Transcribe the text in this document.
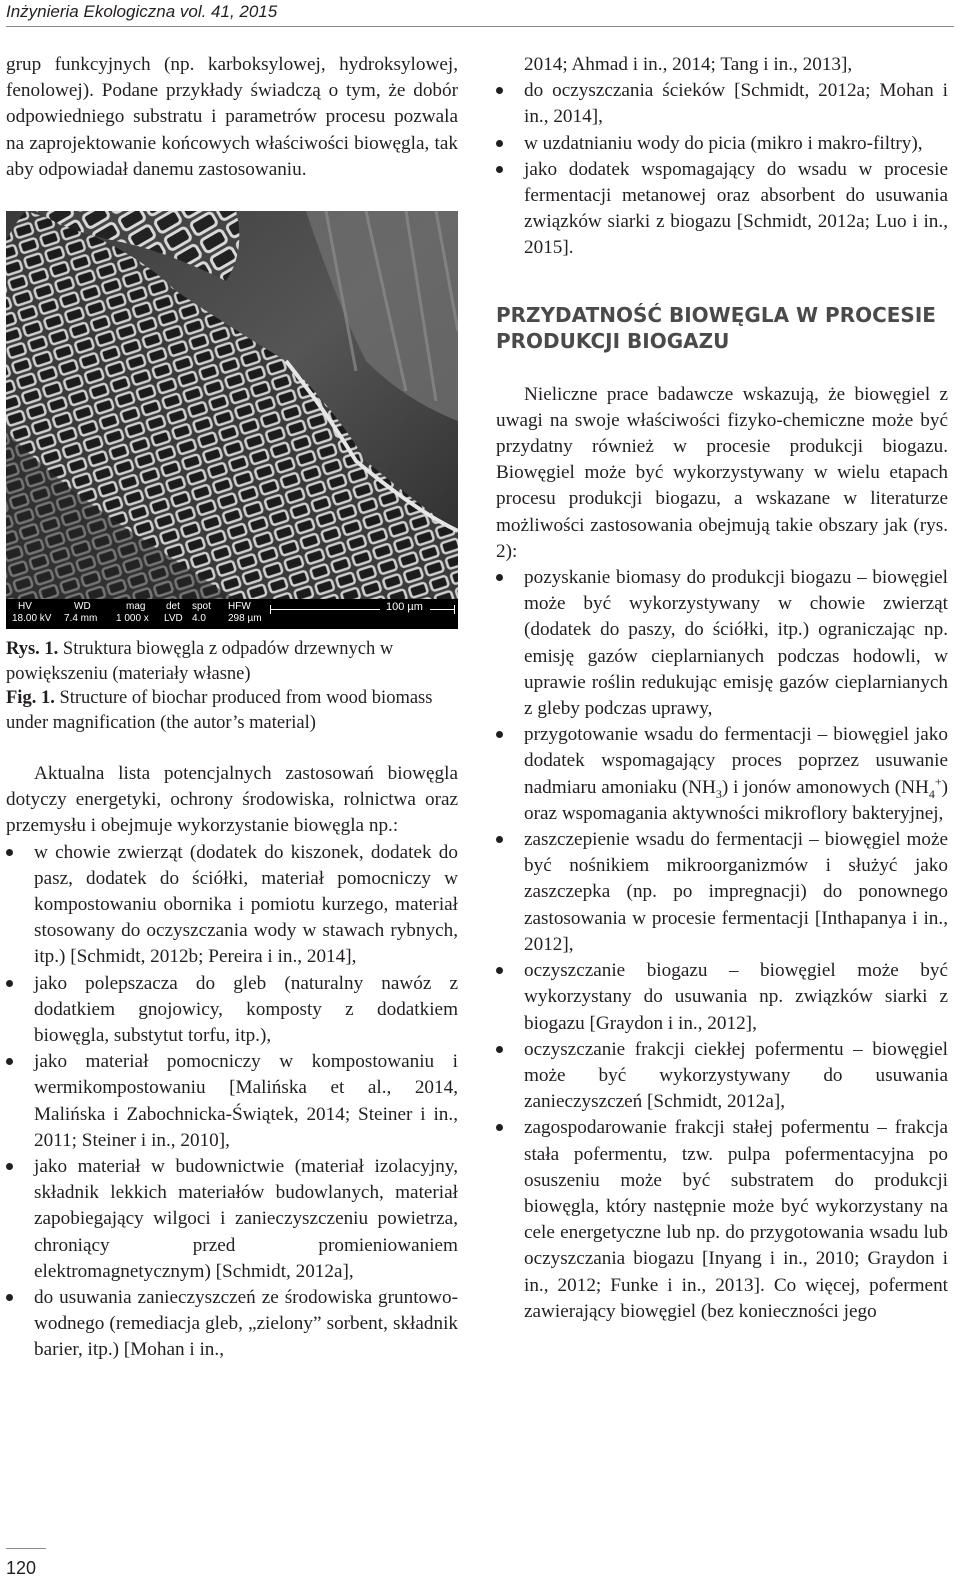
Inżynieria Ekologiczna vol. 41, 2015

grup funkcyjnych (np. karboksylowej, hydroksylowej, fenolowej). Podane przykłady świadczą o tym, że dobór odpowiedniego substratu i parametrów procesu pozwala na zaprojektowanie końcowych właściwości biowęgla, tak aby odpowiadał danemu zastosowaniu.

HV
18.00 kV
WD
7.4 mm
mag
1 000 x
det
LVD
spot
4.0
HFW
298 µm
100 µm
Rys. 1. Struktura biowęgla z odpadów drzewnych w powiększeniu (materiały własne)
Fig. 1. Structure of biochar produced from wood biomass under magnification (the autor’s material)

Aktualna lista potencjalnych zastosowań biowęgla dotyczy energetyki, ochrony środowiska, rolnictwa oraz przemysłu i obejmuje wykorzystanie biowęgla np.:

w chowie zwierząt (dodatek do kiszonek, dodatek do pasz, dodatek do ściółki, materiał pomocniczy w kompostowaniu obornika i pomiotu kurzego, materiał stosowany do oczyszczania wody w stawach rybnych, itp.) [Schmidt, 2012b; Pereira i in., 2014],
jako polepszacza do gleb (naturalny nawóz z dodatkiem gnojowicy, komposty z dodatkiem biowęgla, substytut torfu, itp.),
jako materiał pomocniczy w kompostowaniu i wermikompostowaniu [Malińska et al., 2014, Malińska i Zabochnicka-Świątek, 2014; Steiner i in., 2011; Steiner i in., 2010],
jako materiał w budownictwie (materiał izolacyjny, składnik lekkich materiałów budowlanych, materiał zapobiegający wilgoci i zanieczyszczeniu powietrza, chroniący przed promieniowaniem elektromagnetycznym) [Schmidt, 2012a],
do usuwania zanieczyszczeń ze środowiska gruntowo-wodnego (remediacja gleb, „zielony” sorbent, składnik barier, itp.) [Mohan i in.,

2014; Ahmad i in., 2014; Tang i in., 2013],

do oczyszczania ścieków [Schmidt, 2012a; Mohan i in., 2014],
w uzdatnianiu wody do picia (mikro i makro-filtry),
jako dodatek wspomagający do wsadu w procesie fermentacji metanowej oraz absorbent do usuwania związków siarki z biogazu [Schmidt, 2012a; Luo i in., 2015].
PRZYDATNOŚĆ BIOWĘGLA W PROCESIE
PRODUKCJI BIOGAZU

Nieliczne prace badawcze wskazują, że biowęgiel z uwagi na swoje właściwości fizyko-chemiczne może być przydatny również w procesie produkcji biogazu. Biowęgiel może być wykorzystywany w wielu etapach procesu produkcji biogazu, a wskazane w literaturze możliwości zastosowania obejmują takie obszary jak (rys. 2):

pozyskanie biomasy do produkcji biogazu – biowęgiel może być wykorzystywany w chowie zwierząt (dodatek do paszy, do ściółki, itp.) ograniczając np. emisję gazów cieplarnianych podczas hodowli, w uprawie roślin redukując emisję gazów cieplarnianych z gleby podczas uprawy,
przygotowanie wsadu do fermentacji – biowęgiel jako dodatek wspomagający proces poprzez usuwanie nadmiaru amoniaku $(NH_3)$ i jonów amonowych $(NH_4^+)$ oraz wspomagania aktywności mikroflory bakteryjnej,
zaszczepienie wsadu do fermentacji – biowęgiel może być nośnikiem mikroorganizmów i służyć jako zaszczepka (np. po impregnacji) do ponownego zastosowania w procesie fermentacji [Inthapanya i in., 2012],
oczyszczanie biogazu – biowęgiel może być wykorzystany do usuwania np. związków siarki z biogazu [Graydon i in., 2012],
oczyszczanie frakcji ciekłej pofermentu – biowęgiel może być wykorzystywany do usuwania zanieczyszczeń [Schmidt, 2012a],
zagospodarowanie frakcji stałej pofermentu – frakcja stała pofermentu, tzw. pulpa pofermentacyjna po osuszeniu może być substratem do produkcji biowęgla, który następnie może być wykorzystany na cele energetyczne lub np. do przygotowania wsadu lub oczyszczania biogazu [Inyang i in., 2010; Graydon i in., 2012; Funke i in., 2013]. Co więcej, poferment zawierający biowęgiel (bez konieczności jego
120
